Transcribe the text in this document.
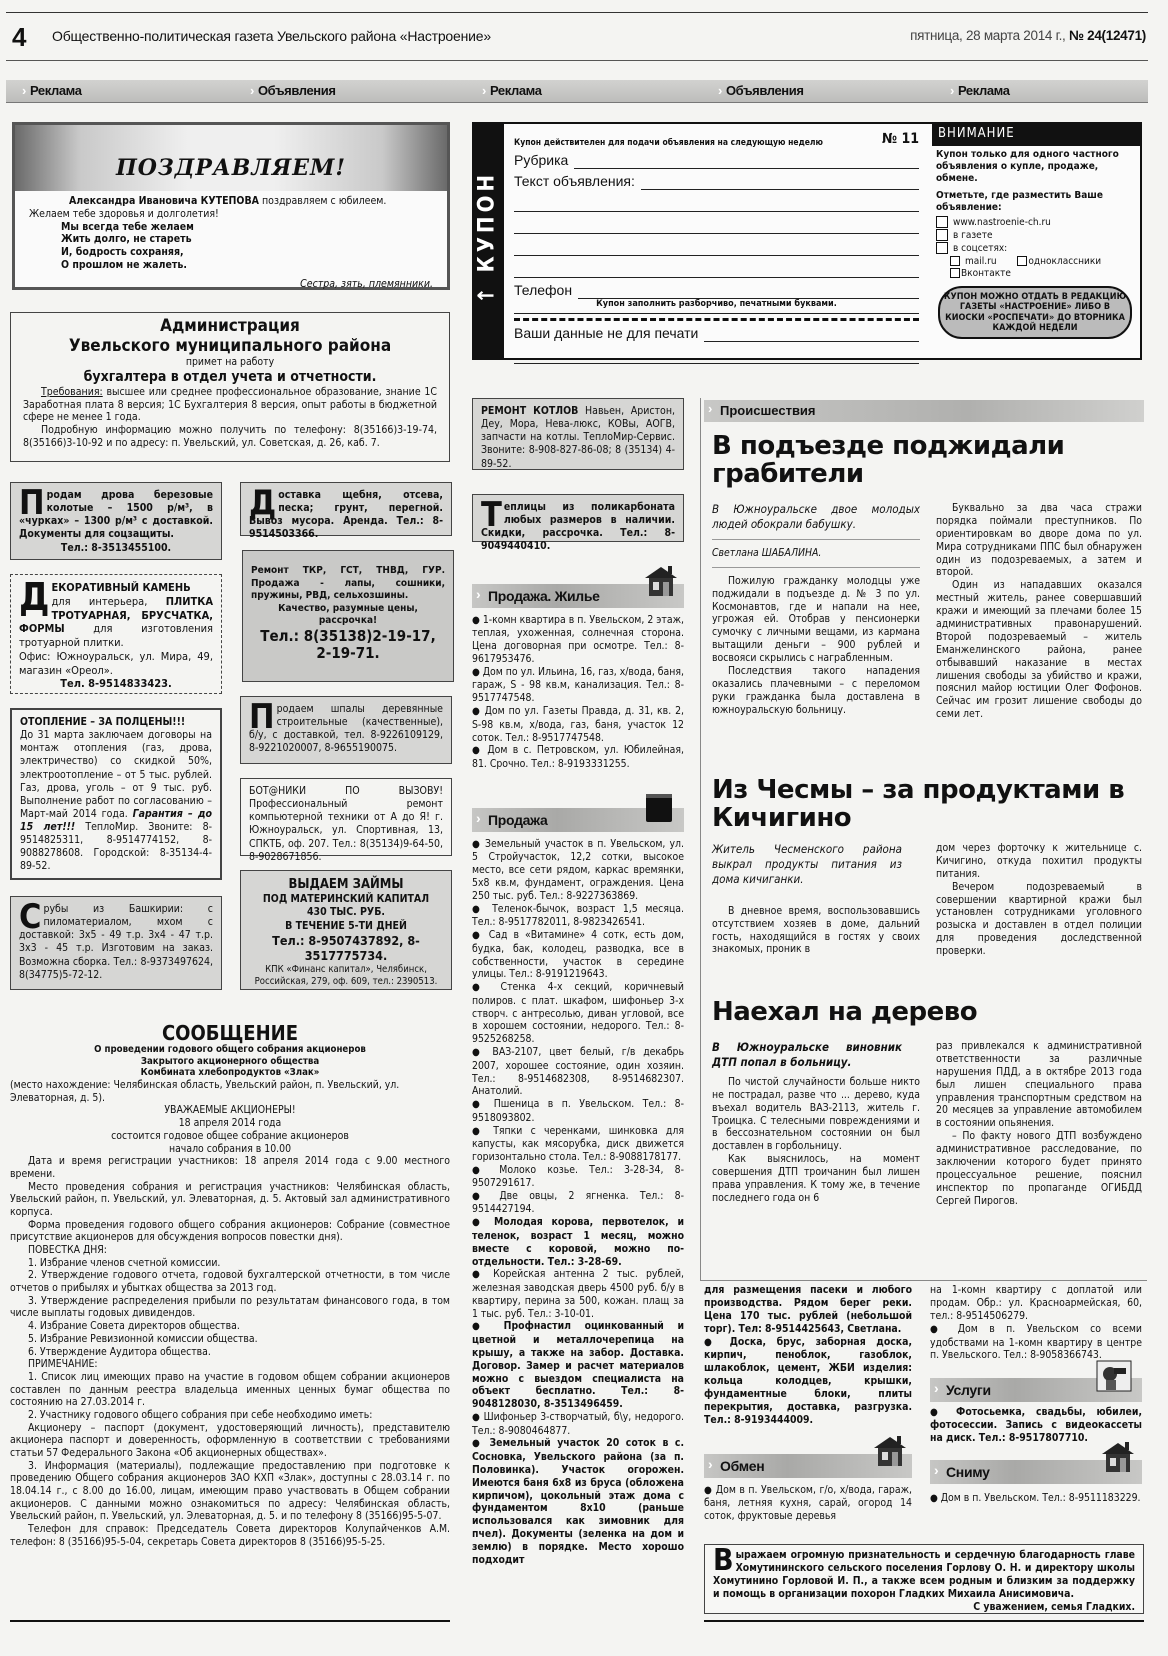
4 Общественно-политическая газета Увельского района «Настроение»	пятница, 28 марта 2014 г., № 24(12471)
› Реклама	› Объявления	› Реклама	› Объявления	› Реклама
ПОЗДРАВЛЯЕМ!
Александра Ивановича КУТЕПОВА поздравляем с юбилеем.
Желаем тебе здоровья и долголетия!
Мы всегда тебе желаем
Жить долго, не стареть
И, бодрость сохраняя,
О прошлом не жалеть.
Сестра, зять, племянники.
Администрация
Увельского муниципального района
примет на работу
бухгалтера в отдел учета и отчетности.

Требования: высшее или среднее профессиональное образование, знание 1С Заработная плата 8 версия; 1С Бухгалтерия 8 версия, опыт работы в бюджетной сфере не менее 1 года.

Подробную информацию можно получить по телефону: 8(35166)3-19-74, 8(35166)3-10-92 и по адресу: п. Увельский, ул. Советская, д. 26, каб. 7.

Продам дрова березовые колотые – 1500 р/м³, в «чурках» – 1300 р/м³ с доставкой. Документы для соцзащиты.
Тел.: 8-3513455100.
ДЕКОРАТИВНЫЙ КАМЕНЬ
для интерьера, ПЛИТКА ТРОТУАРНАЯ, БРУСЧАТКА, ФОРМЫ для изготовления тротуарной плитки.
Офис: Южноуральск, ул. Мира, 49, магазин «Ореол».
Тел. 8-9514833423.
ОТОПЛЕНИЕ – ЗА ПОЛЦЕНЫ!!!
До 31 марта заключаем договоры на монтаж отопления (газ, дрова, электричество) со скидкой 50%, электроотопление – от 5 тыс. рублей. Газ, дрова, уголь – от 9 тыс. руб. Выполнение работ по согласованию – Март-май 2014 года. Гарантия – до 15 лет!!! ТеплоМир. Звоните: 8-9514825311, 8-9514774152, 8-9088278608. Городской: 8-35134-4-89-52.
Срубы из Башкирии: с пиломатериалом, мхом с доставкой: 3х5 - 49 т.р. 3х4 - 47 т.р. 3х3 - 45 т.р. Изготовим на заказ. Возможна сборка. Тел.: 8-9373497624, 8(34775)5-72-12.
Доставка щебня, отсева, песка; грунт, перегной. Вывоз мусора. Аренда. Тел.: 8-9514503366.
Ремонт ТКР, ГСТ, ТНВД, ГУР. Продажа - лапы, сошники, пружины, РВД, сельхозшины.
Качество, разумные цены, рассрочка!
Тел.: 8(35138)2-19-17, 2-19-71.
Продаем шпалы деревянные строительные (качественные), б/у, с доставкой, тел. 8-9226109129, 8-9221020007, 8-9655190075.
БОТ@НИКИ ПО ВЫЗОВУ! Профессиональный ремонт компьютерной техники от А до Я! г. Южноуральск, ул. Спортивная, 13, СПКТБ, оф. 207. Тел.: 8(35134)9-64-50, 8-9028671856.
ВЫДАЕМ ЗАЙМЫ
ПОД МАТЕРИНСКИЙ КАПИТАЛ
430 ТЫС. РУБ.
В ТЕЧЕНИЕ 5-ТИ ДНЕЙ
Тел.: 8-9507437892, 8-3517775734.
КПК «Финанс капитал», Челябинск, Российская, 279, оф. 609, тел.: 2390513.
СООБЩЕНИЕ
О проведении годового общего собрания акционеров
Закрытого акционерного общества
Комбината хлебопродуктов «Злак»
(место нахождение: Челябинская область, Увельский район, п. Увельский, ул. Элеваторная, д. 5).
УВАЖАЕМЫЕ АКЦИОНЕРЫ!
18 апреля 2014 года
состоится годовое общее собрание акционеров
начало собрания в 10.00

Дата и время регистрации участников: 18 апреля 2014 года с 9.00 местного времени.

Место проведения собрания и регистрация участников: Челябинская область, Увельский район, п. Увельский, ул. Элеваторная, д. 5. Актовый зал административного корпуса.

Форма проведения годового общего собрания акционеров: Собрание (совместное присутствие акционеров для обсуждения вопросов повестки дня).

ПОВЕСТКА ДНЯ:

1. Избрание членов счетной комиссии.

2. Утверждение годового отчета, годовой бухгалтерской отчетности, в том числе отчетов о прибылях и убытках общества за 2013 год.

3. Утверждение распределения прибыли по результатам финансового года, в том числе выплаты годовых дивидендов.

4. Избрание Совета директоров общества.

5. Избрание Ревизионной комиссии общества.

6. Утверждение Аудитора общества.

ПРИМЕЧАНИЕ:

1. Список лиц имеющих право на участие в годовом общем собрании акционеров составлен по данным реестра владельца именных ценных бумаг общества по состоянию на 27.03.2014 г.

2. Участнику годового общего собрания при себе необходимо иметь:

Акционеру – паспорт (документ, удостоверяющий личность), представителю акционера паспорт и доверенность, оформленную в соответствии с требованиями статьи 57 Федерального Закона «Об акционерных обществах».

3. Информация (материалы), подлежащие предоставлению при подготовке к проведению Общего собрания акционеров ЗАО КХП «Злак», доступны с 28.03.14 г. по 18.04.14 г., с 8.00 до 16.00, лицам, имеющим право участвовать в Общем собрании акционеров. С данными можно ознакомиться по адресу: Челябинская область, Увельский район, п. Увельский, ул. Элеваторная, д. 5. и по телефону 8 (35166)95-5-07.

Телефон для справок: Председатель Совета директоров Колупайченков А.М. телефон: 8 (35166)95-5-04, секретарь Совета директоров 8 (35166)95-5-25.

↑ КУПОН
Купон действителен для подачи объявления на следующую неделю	№ 11
Рубрика
Текст объявления:
Телефон
Купон заполнить разборчиво, печатными буквами.
Ваши данные не для печати
ВНИМАНИЕ
Купон только для одного частного объявления о купле, продаже, обмене.
Отметьте, где разместить Ваше объявление:
www.nastroenie-ch.ru
в газете
в соцсетях:
mail.ru	одноклассники
Вконтакте
КУПОН МОЖНО ОТДАТЬ В РЕДАКЦИЮ ГАЗЕТЫ «НАСТРОЕНИЕ» ЛИБО В КИОСКИ «РОСПЕЧАТИ» ДО ВТОРНИКА КАЖДОЙ НЕДЕЛИ
РЕМОНТ КОТЛОВ Навьен, Аристон, Деу, Мора, Нева-люкс, КОВы, АОГВ, запчасти на котлы. ТеплоМир-Сервис. Звоните: 8-908-827-86-08; 8 (35134) 4-89-52.
Теплицы из поликарбоната любых размеров в наличии. Скидки, рассрочка. Тел.: 8-9049440410.
› Продажа. Жилье

● 1-комн квартира в п. Увельском, 2 этаж, теплая, ухоженная, солнечная сторона. Цена договорная при осмотре. Тел.: 8-9617953476.

● Дом по ул. Ильина, 16, газ, х/вода, баня, гараж, S - 98 кв.м, канализация. Тел.: 8-9517747548.

● Дом по ул. Газеты Правда, д. 31, кв. 2, S-98 кв.м, х/вода, газ, баня, участок 12 соток. Тел.: 8-9517747548.

● Дом в с. Петровском, ул. Юбилейная, 81. Срочно. Тел.: 8-9193331255.

› Продажа

● Земельный участок в п. Увельском, ул. 5 Стройучасток, 12,2 сотки, высокое место, все сети рядом, каркас времянки, 5х8 кв.м, фундамент, ограждения. Цена 250 тыс. руб. Тел.: 8-9227363869.

● Теленок-бычок, возраст 1,5 месяца. Тел.: 8-9517782011, 8-9823426541.

● Сад в «Витамине» 4 сотк, есть дом, будка, бак, колодец, разводка, все в собственности, участок в середине улицы. Тел.: 8-9191219643.

● Стенка 4-х секций, коричневый полиров. с плат. шкафом, шифоньер 3-х створч. с антресолью, диван угловой, все в хорошем состоянии, недорого. Тел.: 8-9525268258.

● ВАЗ-2107, цвет белый, г/в декабрь 2007, хорошее состояние, один хозяин. Тел.: 8-9514682308, 8-9514682307. Анатолий.

● Пшеница в п. Увельском. Тел.: 8-9518093802.

● Тяпки с черенками, шинковка для капусты, как мясорубка, диск движется горизонтально стола. Тел.: 8-9088178177.

● Молоко козье. Тел.: 3-28-34, 8-9507291617.

● Две овцы, 2 ягненка. Тел.: 8-9514427194.

● Молодая корова, первотелок, и теленок, возраст 1 месяц, можно вместе с коровой, можно по-отдельности. Тел.: 3-28-69.

● Корейская антенна 2 тыс. рублей, железная заводская дверь 4500 руб. б/у в квартиру, перина за 500, кожан. плащ за 1 тыс. руб. Тел.: 3-10-01.

● Профнастил оцинкованный и цветной и металлочерепица на крышу, а также на забор. Доставка. Договор. Замер и расчет материалов можно с выездом специалиста на объект бесплатно. Тел.: 8-9048128030, 8-3513496459.

● Шифоньер 3-створчатый, б\у, недорого. Тел.: 8-9080464877.

● Земельный участок 20 соток в с. Сосновка, Увельского района (за п. Половинка). Участок огорожен. Имеются баня 6х8 из бруса (обложена кирпичом), цокольный этаж дома с фундаментом 8х10 (раньше использовался как зимовник для пчел). Документы (зеленка на дом и землю) в порядке. Место хорошо подходит

› Происшествия
В подъезде поджидали грабители
В Южноуральске двое молодых людей обокрали бабушку.
Светлана ШАБАЛИНА.

Пожилую гражданку молодцы уже поджидали в подъезде д. № 3 по ул. Космонавтов, где и напали на нее, угрожая ей. Отобрав у пенсионерки сумочку с личными вещами, из кармана вытащили деньги – 900 рублей и восвояси скрылись с награбленным.

Последствия такого нападения оказались плачевными – с переломом руки гражданка была доставлена в южноуральскую больницу.

Буквально за два часа стражи порядка поймали преступников. По ориентировкам во дворе дома по ул. Мира сотрудниками ППС был обнаружен один из подозреваемых, а затем и второй.

Один из нападавших оказался местный житель, ранее совершавший кражи и имеющий за плечами более 15 административных правонарушений. Второй подозреваемый – житель Еманжелинского района, ранее отбывавший наказание в местах лишения свободы за убийство и кражи, пояснил майор юстиции Олег Фофонов. Сейчас им грозит лишение свободы до семи лет.

Из Чесмы – за продуктами в Кичигино
Житель Чесменского района выкрал продукты питания из дома кичиганки.

В дневное время, воспользовавшись отсутствием хозяев в доме, дальний гость, находящийся в гостях у своих знакомых, проник в

дом через форточку к жительнице с. Кичигино, откуда похитил продукты питания.

Вечером подозреваемый в совершении квартирной кражи был установлен сотрудниками уголовного розыска и доставлен в отдел полиции для проведения доследственной проверки.

Наехал на дерево
В Южноуральске виновник ДТП попал в больницу.

По чистой случайности больше никто не пострадал, разве что ... дерево, куда въехал водитель ВАЗ-2113, житель г. Троицка. С телесными повреждениями и в бессознательном состоянии он был доставлен в горбольницу.

Как выяснилось, на момент совершения ДТП троичанин был лишен права управления. К тому же, в течение последнего года он 6

раз привлекался к административной ответственности за различные нарушения ПДД, а в октябре 2013 года был лишен специального права управления транспортным средством на 20 месяцев за управление автомобилем в состоянии опьянения.

– По факту нового ДТП возбуждено административное расследование, по заключении которого будет принято процессуальное решение, пояснил инспектор по пропаганде ОГИБДД Сергей Пирогов.

для размещения пасеки и любого производства. Рядом берег реки. Цена 170 тыс. рублей (небольшой торг). Тел: 8-9514425643, Светлана.

● Доска, брус, заборная доска, кирпич, пеноблок, газоблок, шлакоблок, цемент, ЖБИ изделия: кольца колодцев, крышки, фундаментные блоки, плиты перекрытия, доставка, разгрузка. Тел.: 8-9193444009.

› Обмен

● Дом в п. Увельском, г/о, х/вода, гараж, баня, летняя кухня, сарай, огород 14 соток, фруктовые деревья

на 1-комн квартиру с доплатой или продам. Обр.: ул. Красноармейская, 60, тел.: 8-9514506279.

● Дом в п. Увельском со всеми удобствами на 1-комн квартиру в центре п. Увельского. Тел.: 8-9058366743.

› Услуги

● Фотосьемка, свадьбы, юбилеи, фотосессии. Запись с видеокассеты на диск. Тел.: 8-9517807710.

› Сниму

● Дом в п. Увельском. Тел.: 8-9511183229.

Выражаем огромную признательность и сердечную благодарность главе Хомутининского сельского поселения Горлову О. Н. и директору школы Хомутинино Горловой И. П., а также всем родным и близким за поддержку и помощь в организации похорон Гладких Михаила Анисимовича.
С уважением, семья Гладких.
